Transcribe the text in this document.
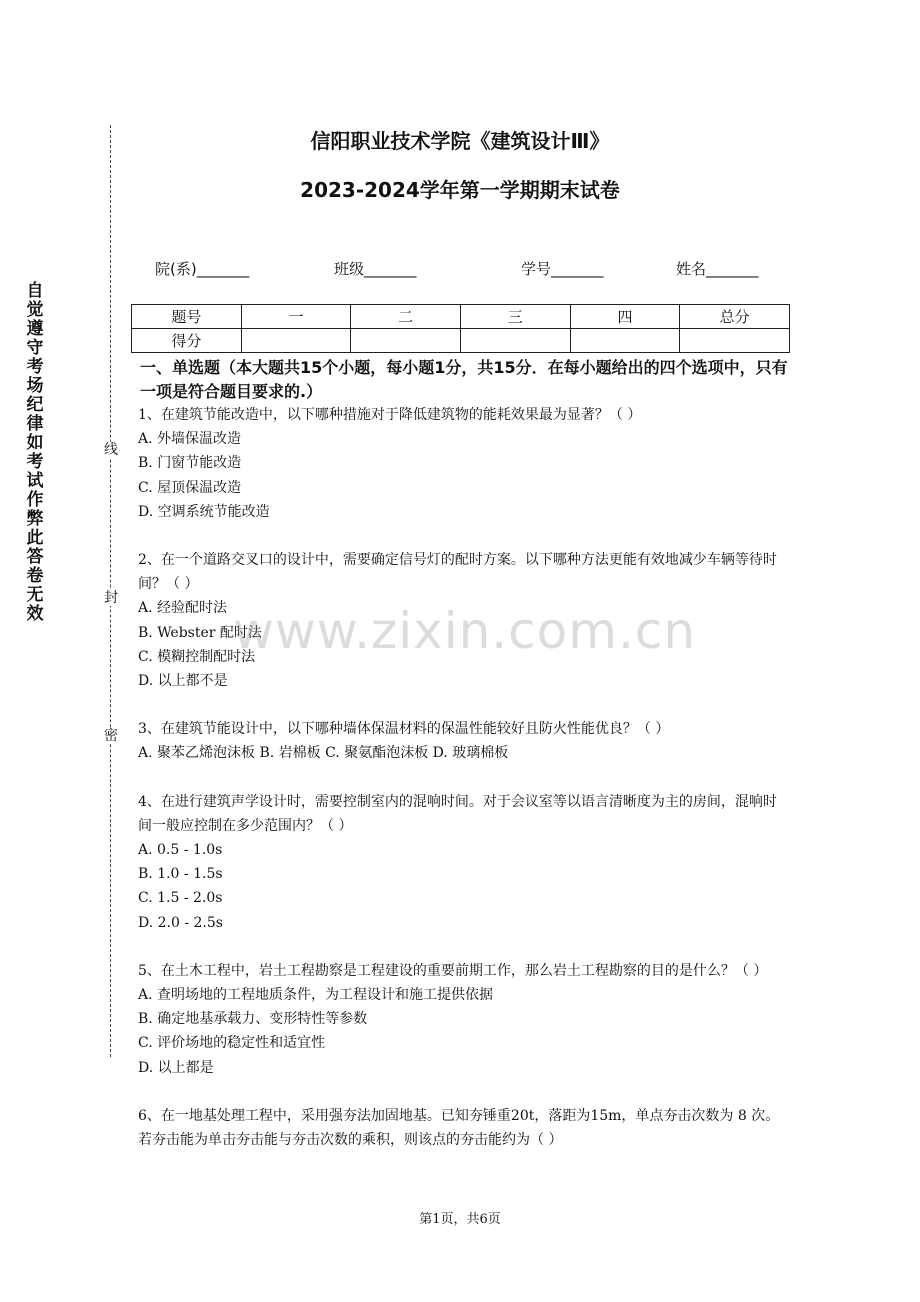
自觉遵守考场纪律如考试作弊此答卷无效
线
封
密
信阳职业技术学院《建筑设计Ⅲ》
2023-2024学年第一学期期末试卷
院(系)_______	班级_______	学号_______	姓名_______
题号	一	二	三	四	总分
得分					
一、单选题（本大题共15个小题，每小题1分，共15分．在每小题给出的四个选项中，只有一项是符合题目要求的.）

1、在建筑节能改造中，以下哪种措施对于降低建筑物的能耗效果最为显著？（ ）

A. 外墙保温改造

B. 门窗节能改造

C. 屋顶保温改造

D. 空调系统节能改造

2、在一个道路交叉口的设计中，需要确定信号灯的配时方案。以下哪种方法更能有效地减少车辆等待时间？（ ）

A. 经验配时法

B. Webster 配时法

C. 模糊控制配时法

D. 以上都不是

3、在建筑节能设计中，以下哪种墙体保温材料的保温性能较好且防火性能优良？（ ）

A. 聚苯乙烯泡沫板 B. 岩棉板 C. 聚氨酯泡沫板 D. 玻璃棉板

4、在进行建筑声学设计时，需要控制室内的混响时间。对于会议室等以语言清晰度为主的房间，混响时间一般应控制在多少范围内？（ ）

A. 0.5 - 1.0s

B. 1.0 - 1.5s

C. 1.5 - 2.0s

D. 2.0 - 2.5s

5、在土木工程中，岩土工程勘察是工程建设的重要前期工作，那么岩土工程勘察的目的是什么？（ ）

A. 查明场地的工程地质条件，为工程设计和施工提供依据

B. 确定地基承载力、变形特性等参数

C. 评价场地的稳定性和适宜性

D. 以上都是

6、在一地基处理工程中，采用强夯法加固地基。已知夯锤重20t，落距为15m，单点夯击次数为 8 次。若夯击能为单击夯击能与夯击次数的乘积，则该点的夯击能约为（ ）

www.zixin.com.cn
第1页，共6页
